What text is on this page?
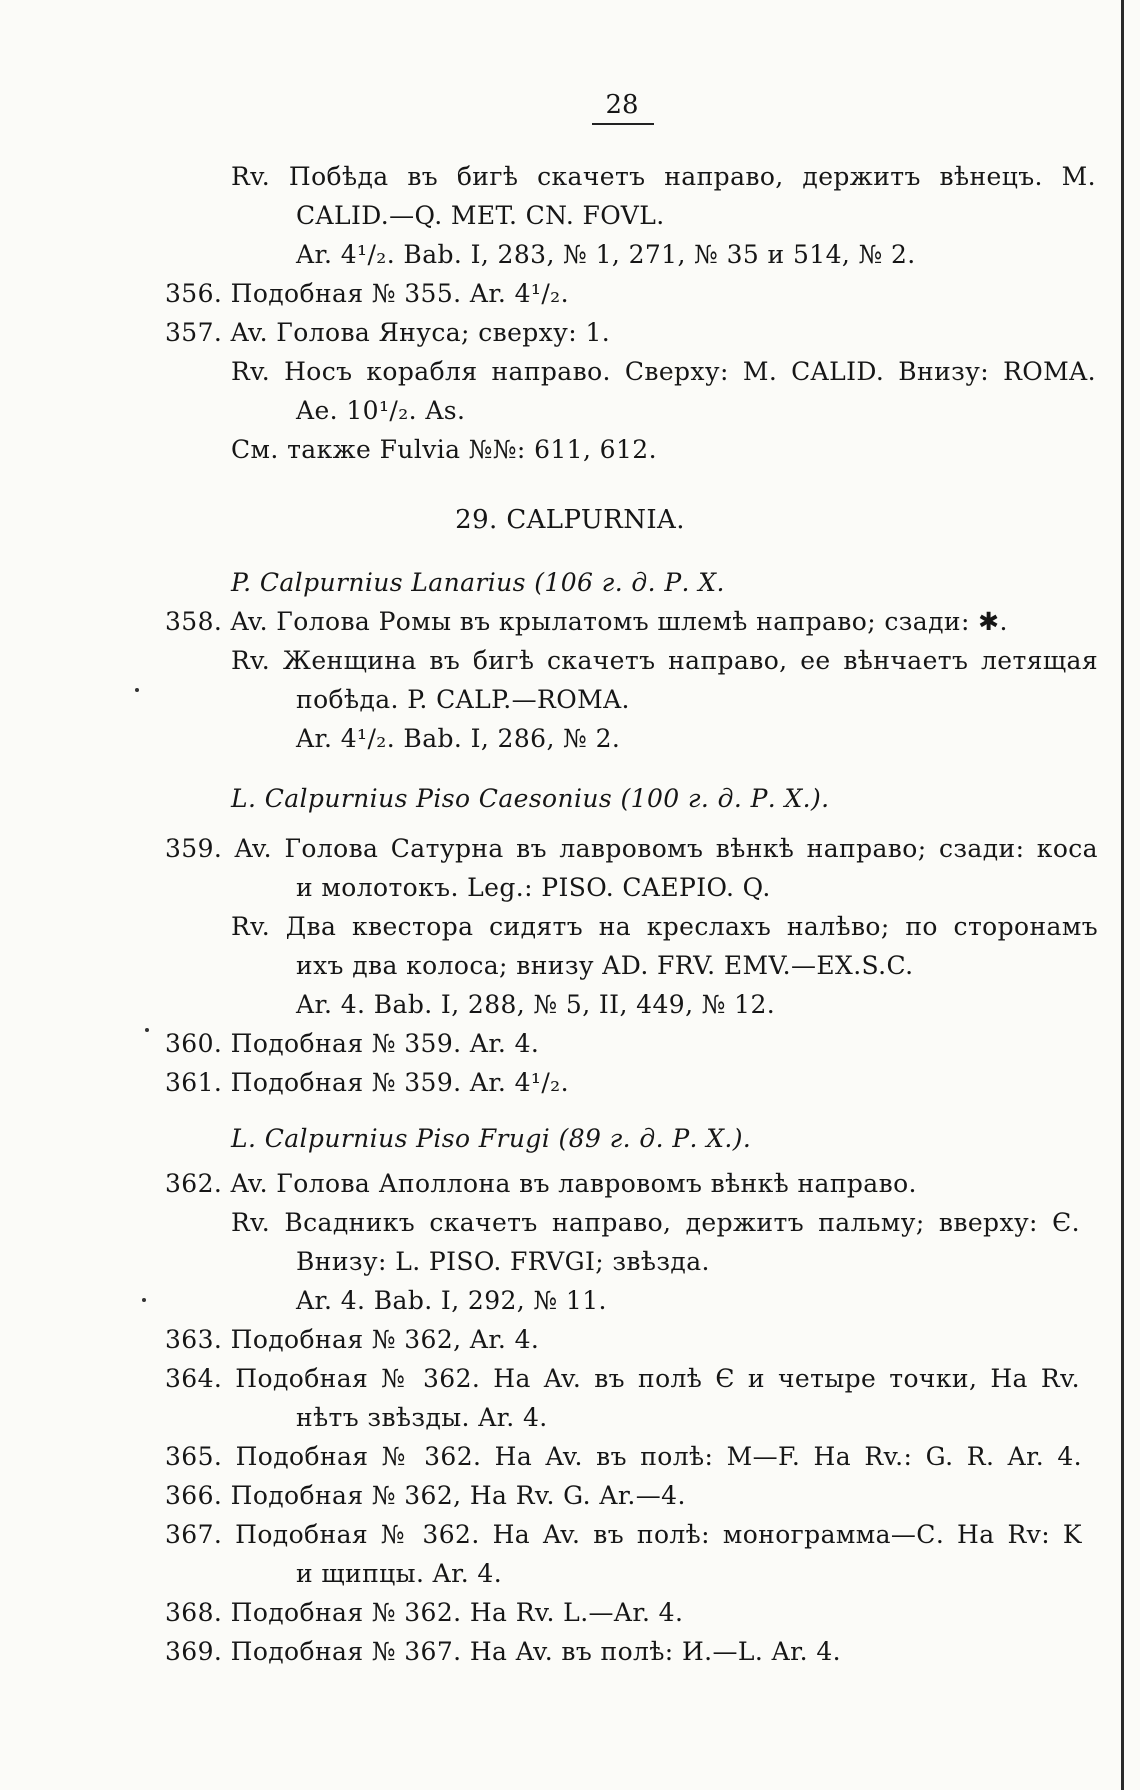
28
Rv. Побѣда въ бигѣ скачетъ направо, держитъ вѣнецъ. М.
CALID.—Q. MET. CN. FOVL.
Ar. 4¹/₂. Bab. I, 283, № 1, 271, № 35 и 514, № 2.
356. Подобная № 355. Ar. 4¹/₂.
357. Av. Голова Януса; сверху: 1.
Rv. Носъ корабля направо. Сверху: M. CALID. Внизу: ROMA.
Ae. 10¹/₂. As.
См. также Fulvia №№: 611, 612.
29. CALPURNIA.
P. Calpurnius Lanarius (106 г. д. Р. Х.
358. Av. Голова Ромы въ крылатомъ шлемѣ направо; сзади: ✱.
Rv. Женщина въ бигѣ скачетъ направо, ее вѣнчаетъ летящая
побѣда. P. CALP.—ROMA.
Ar. 4¹/₂. Bab. I, 286, № 2.
L. Calpurnius Piso Caesonius (100 г. д. Р. Х.).
359. Av. Голова Сатурна въ лавровомъ вѣнкѣ направо; сзади: коса
и молотокъ. Leg.: PISO. CAEPIO. Q.
Rv. Два квестора сидятъ на креслахъ налѣво; по сторонамъ
ихъ два колоса; внизу AD. FRV. EMV.—EX.S.C.
Ar. 4. Bab. I, 288, № 5, II, 449, № 12.
360. Подобная № 359. Ar. 4.
361. Подобная № 359. Ar. 4¹/₂.
L. Calpurnius Piso Frugi (89 г. д. Р. Х.).
362. Av. Голова Аполлона въ лавровомъ вѣнкѣ направо.
Rv. Всадникъ скачетъ направо, держитъ пальму; вверху: Є.
Внизу: L. PISO. FRVGI; звѣзда.
Ar. 4. Bab. I, 292, № 11.
363. Подобная № 362, Ar. 4.
364. Подобная № 362. На Av. въ полѣ Є и четыре точки, На Rv.
нѣтъ звѣзды. Ar. 4.
365. Подобная № 362. На Av. въ полѣ: М—F. На Rv.: G. R. Ar. 4.
366. Подобная № 362, На Rv. G. Ar.—4.
367. Подобная № 362. На Av. въ полѣ: монограмма—С. На Rv: K
и щипцы. Ar. 4.
368. Подобная № 362. На Rv. L.—Ar. 4.
369. Подобная № 367. На Av. въ полѣ: И.—L. Ar. 4.
